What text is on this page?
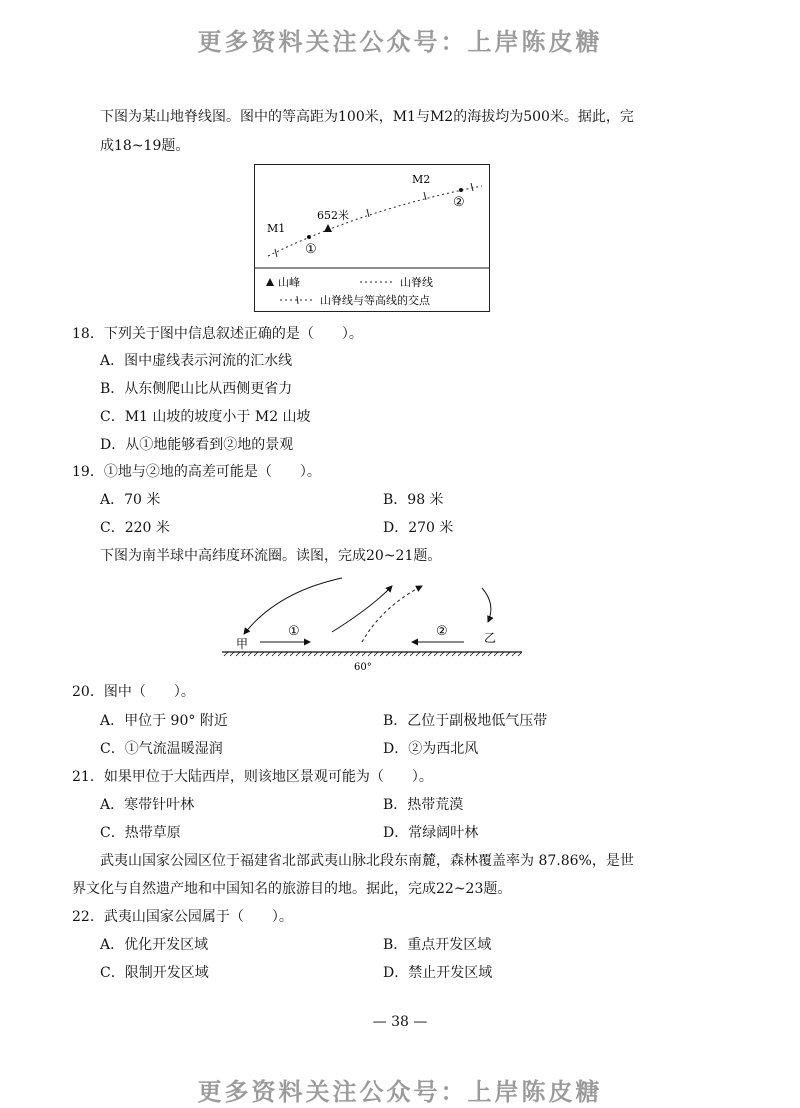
更多资料关注公众号：上岸陈皮糖
下图为某山地脊线图。图中的等高距为100米，M1与M2的海拔均为500米。据此，完
成18~19题。
M1
M2
652米
①
②
山峰	山脊线
山脊线与等高线的交点
18．下列关于图中信息叙述正确的是（　　）。
A．图中虚线表示河流的汇水线
B．从东侧爬山比从西侧更省力
C．M1 山坡的坡度小于 M2 山坡
D．从①地能够看到②地的景观
19．①地与②地的高差可能是（　　）。
A．70 米	B．98 米
C．220 米	D．270 米
下图为南半球中高纬度环流圈。读图，完成20~21题。
甲	乙
①	②
60°
20．图中（　　）。
A．甲位于 90° 附近	B．乙位于副极地低气压带
C．①气流温暖湿润	D．②为西北风
21．如果甲位于大陆西岸，则该地区景观可能为（　　）。
A．寒带针叶林	B．热带荒漠
C．热带草原	D．常绿阔叶林
武夷山国家公园区位于福建省北部武夷山脉北段东南麓，森林覆盖率为 87.86%，是世
界文化与自然遗产地和中国知名的旅游目的地。据此，完成22~23题。
22．武夷山国家公园属于（　　）。
A．优化开发区域	B．重点开发区域
C．限制开发区域	D．禁止开发区域
— 38 —
更多资料关注公众号：上岸陈皮糖
